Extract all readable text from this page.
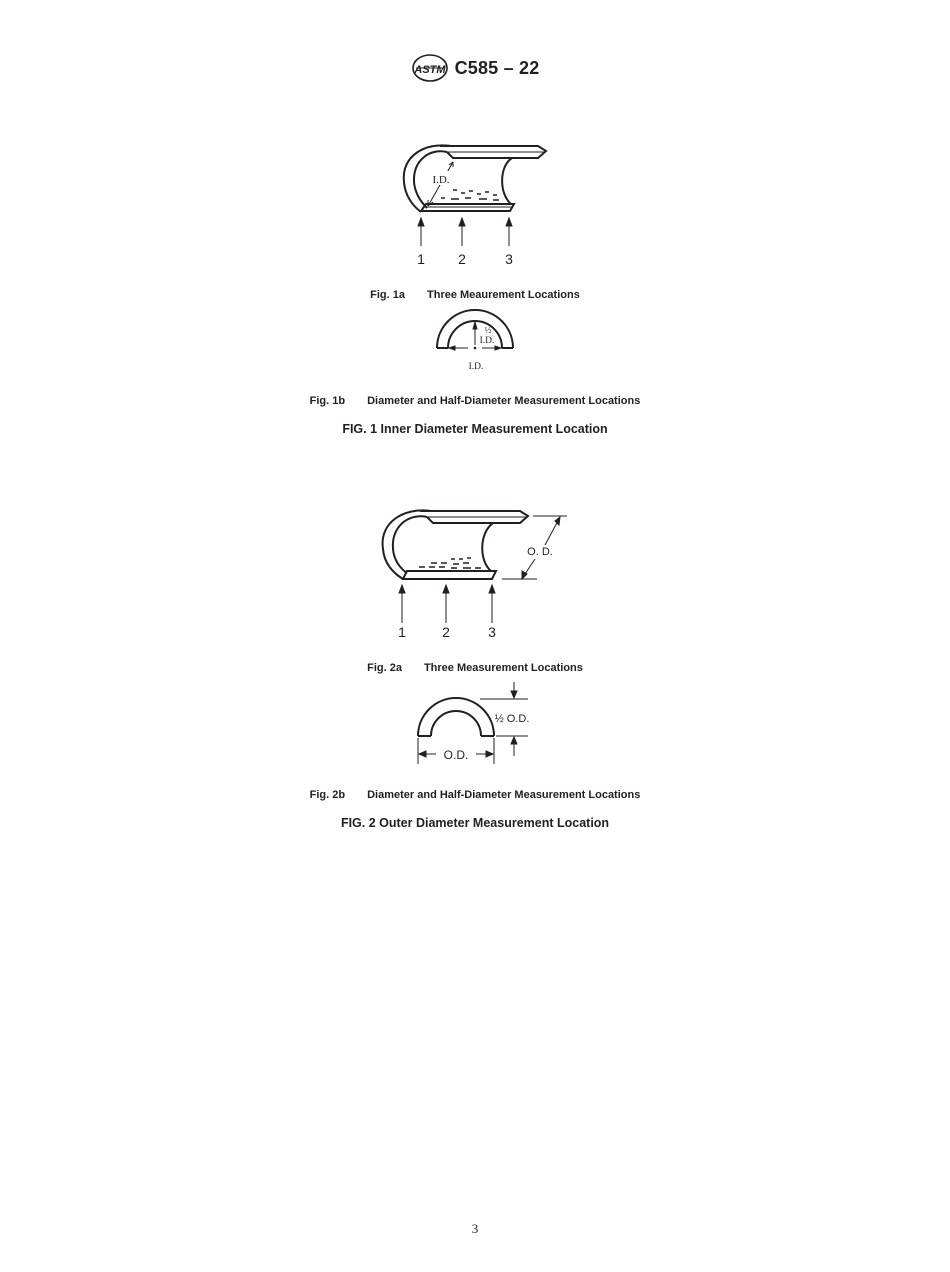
ASTM C585 – 22
I.D.
1 2	3
Fig. 1a Three Meaurement Locations
½
I.D.
I.D.
Fig. 1b Diameter and Half-Diameter Measurement Locations
FIG. 1 Inner Diameter Measurement Location
O. D.
1	2	3
Fig. 2a Three Measurement Locations
½ O.D.
O.D.
Fig. 2b Diameter and Half-Diameter Measurement Locations
FIG. 2 Outer Diameter Measurement Location
3
